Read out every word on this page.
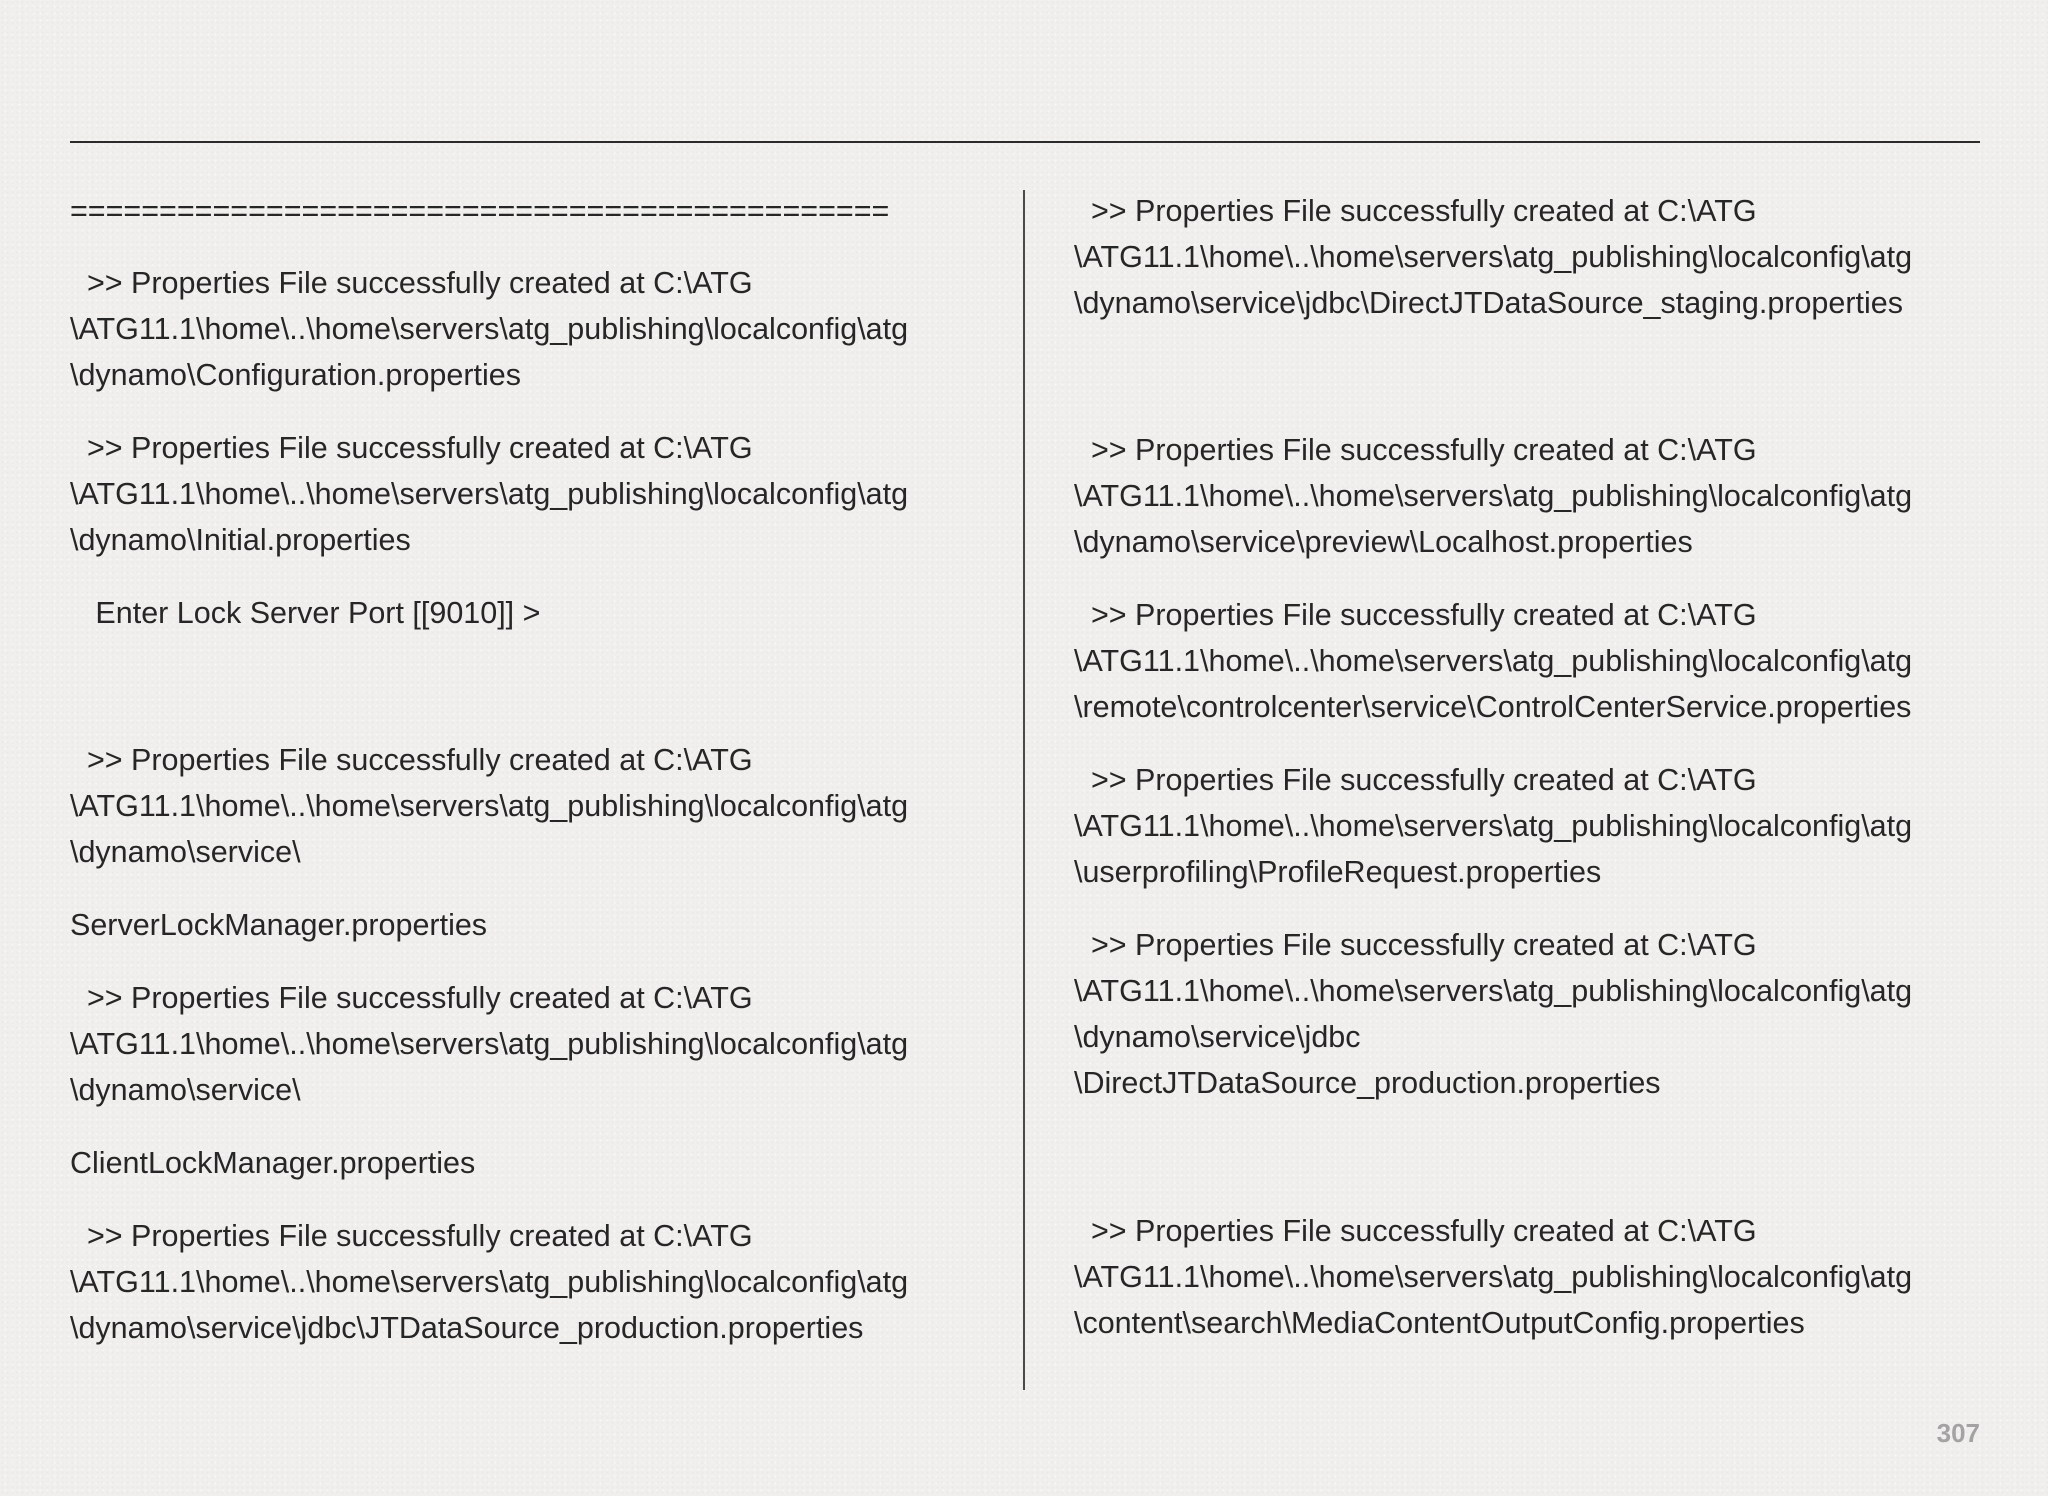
==============================================

>> Properties File successfully created at C:\ATG
\ATG11.1\home\..\home\servers\atg_publishing\localconfig\atg
\dynamo\Configuration.properties

>> Properties File successfully created at C:\ATG
\ATG11.1\home\..\home\servers\atg_publishing\localconfig\atg
\dynamo\Initial.properties

Enter Lock Server Port [[9010]] >

>> Properties File successfully created at C:\ATG
\ATG11.1\home\..\home\servers\atg_publishing\localconfig\atg
\dynamo\service\

ServerLockManager.properties

>> Properties File successfully created at C:\ATG
\ATG11.1\home\..\home\servers\atg_publishing\localconfig\atg
\dynamo\service\

ClientLockManager.properties

>> Properties File successfully created at C:\ATG
\ATG11.1\home\..\home\servers\atg_publishing\localconfig\atg
\dynamo\service\jdbc\JTDataSource_production.properties

>> Properties File successfully created at C:\ATG
\ATG11.1\home\..\home\servers\atg_publishing\localconfig\atg
\dynamo\service\jdbc\DirectJTDataSource_staging.properties

>> Properties File successfully created at C:\ATG
\ATG11.1\home\..\home\servers\atg_publishing\localconfig\atg
\dynamo\service\preview\Localhost.properties

>> Properties File successfully created at C:\ATG
\ATG11.1\home\..\home\servers\atg_publishing\localconfig\atg
\remote\controlcenter\service\ControlCenterService.properties

>> Properties File successfully created at C:\ATG
\ATG11.1\home\..\home\servers\atg_publishing\localconfig\atg
\userprofiling\ProfileRequest.properties

>> Properties File successfully created at C:\ATG
\ATG11.1\home\..\home\servers\atg_publishing\localconfig\atg
\dynamo\service\jdbc
\DirectJTDataSource_production.properties

>> Properties File successfully created at C:\ATG
\ATG11.1\home\..\home\servers\atg_publishing\localconfig\atg
\content\search\MediaContentOutputConfig.properties

307
